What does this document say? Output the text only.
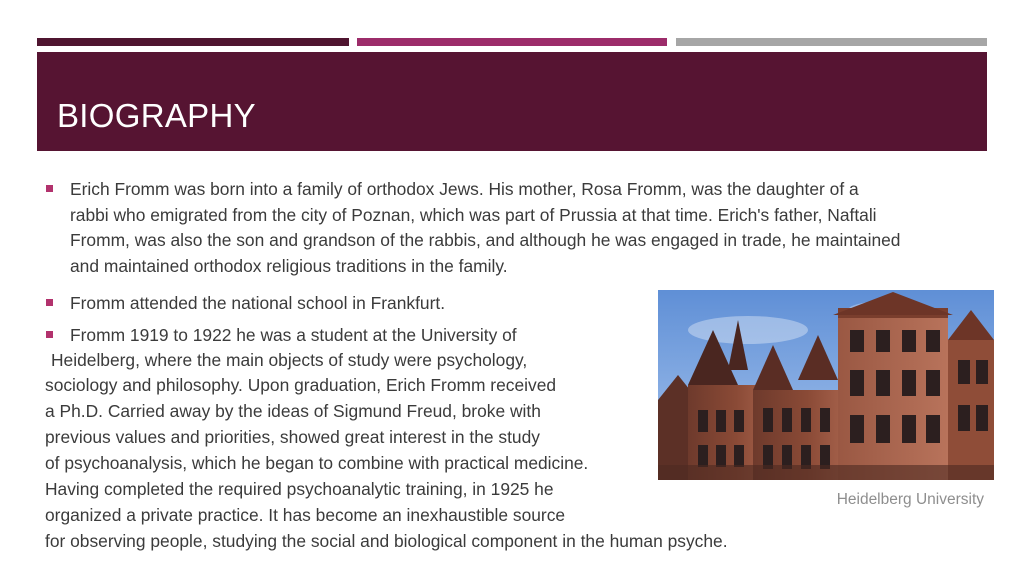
BIOGRAPHY
Erich Fromm was born into a family of orthodox Jews. His mother, Rosa Fromm, was the daughter of a
rabbi who emigrated from the city of Poznan, which was part of Prussia at that time. Erich's father, Naftali
Fromm, was also the son and grandson of the rabbis, and although he was engaged in trade, he maintained
and maintained orthodox religious traditions in the family.
Fromm attended the national school in Frankfurt.
Fromm 1919 to 1922 he was a student at the University of
Heidelberg, where the main objects of study were psychology,
sociology and philosophy. Upon graduation, Erich Fromm received
a Ph.D. Carried away by the ideas of Sigmund Freud, broke with
previous values and priorities, showed great interest in the study
of psychoanalysis, which he began to combine with practical medicine.
Having completed the required psychoanalytic training, in 1925 he
organized a private practice. It has become an inexhaustible source
for observing people, studying the social and biological component in the human psyche.
Heidelberg University
